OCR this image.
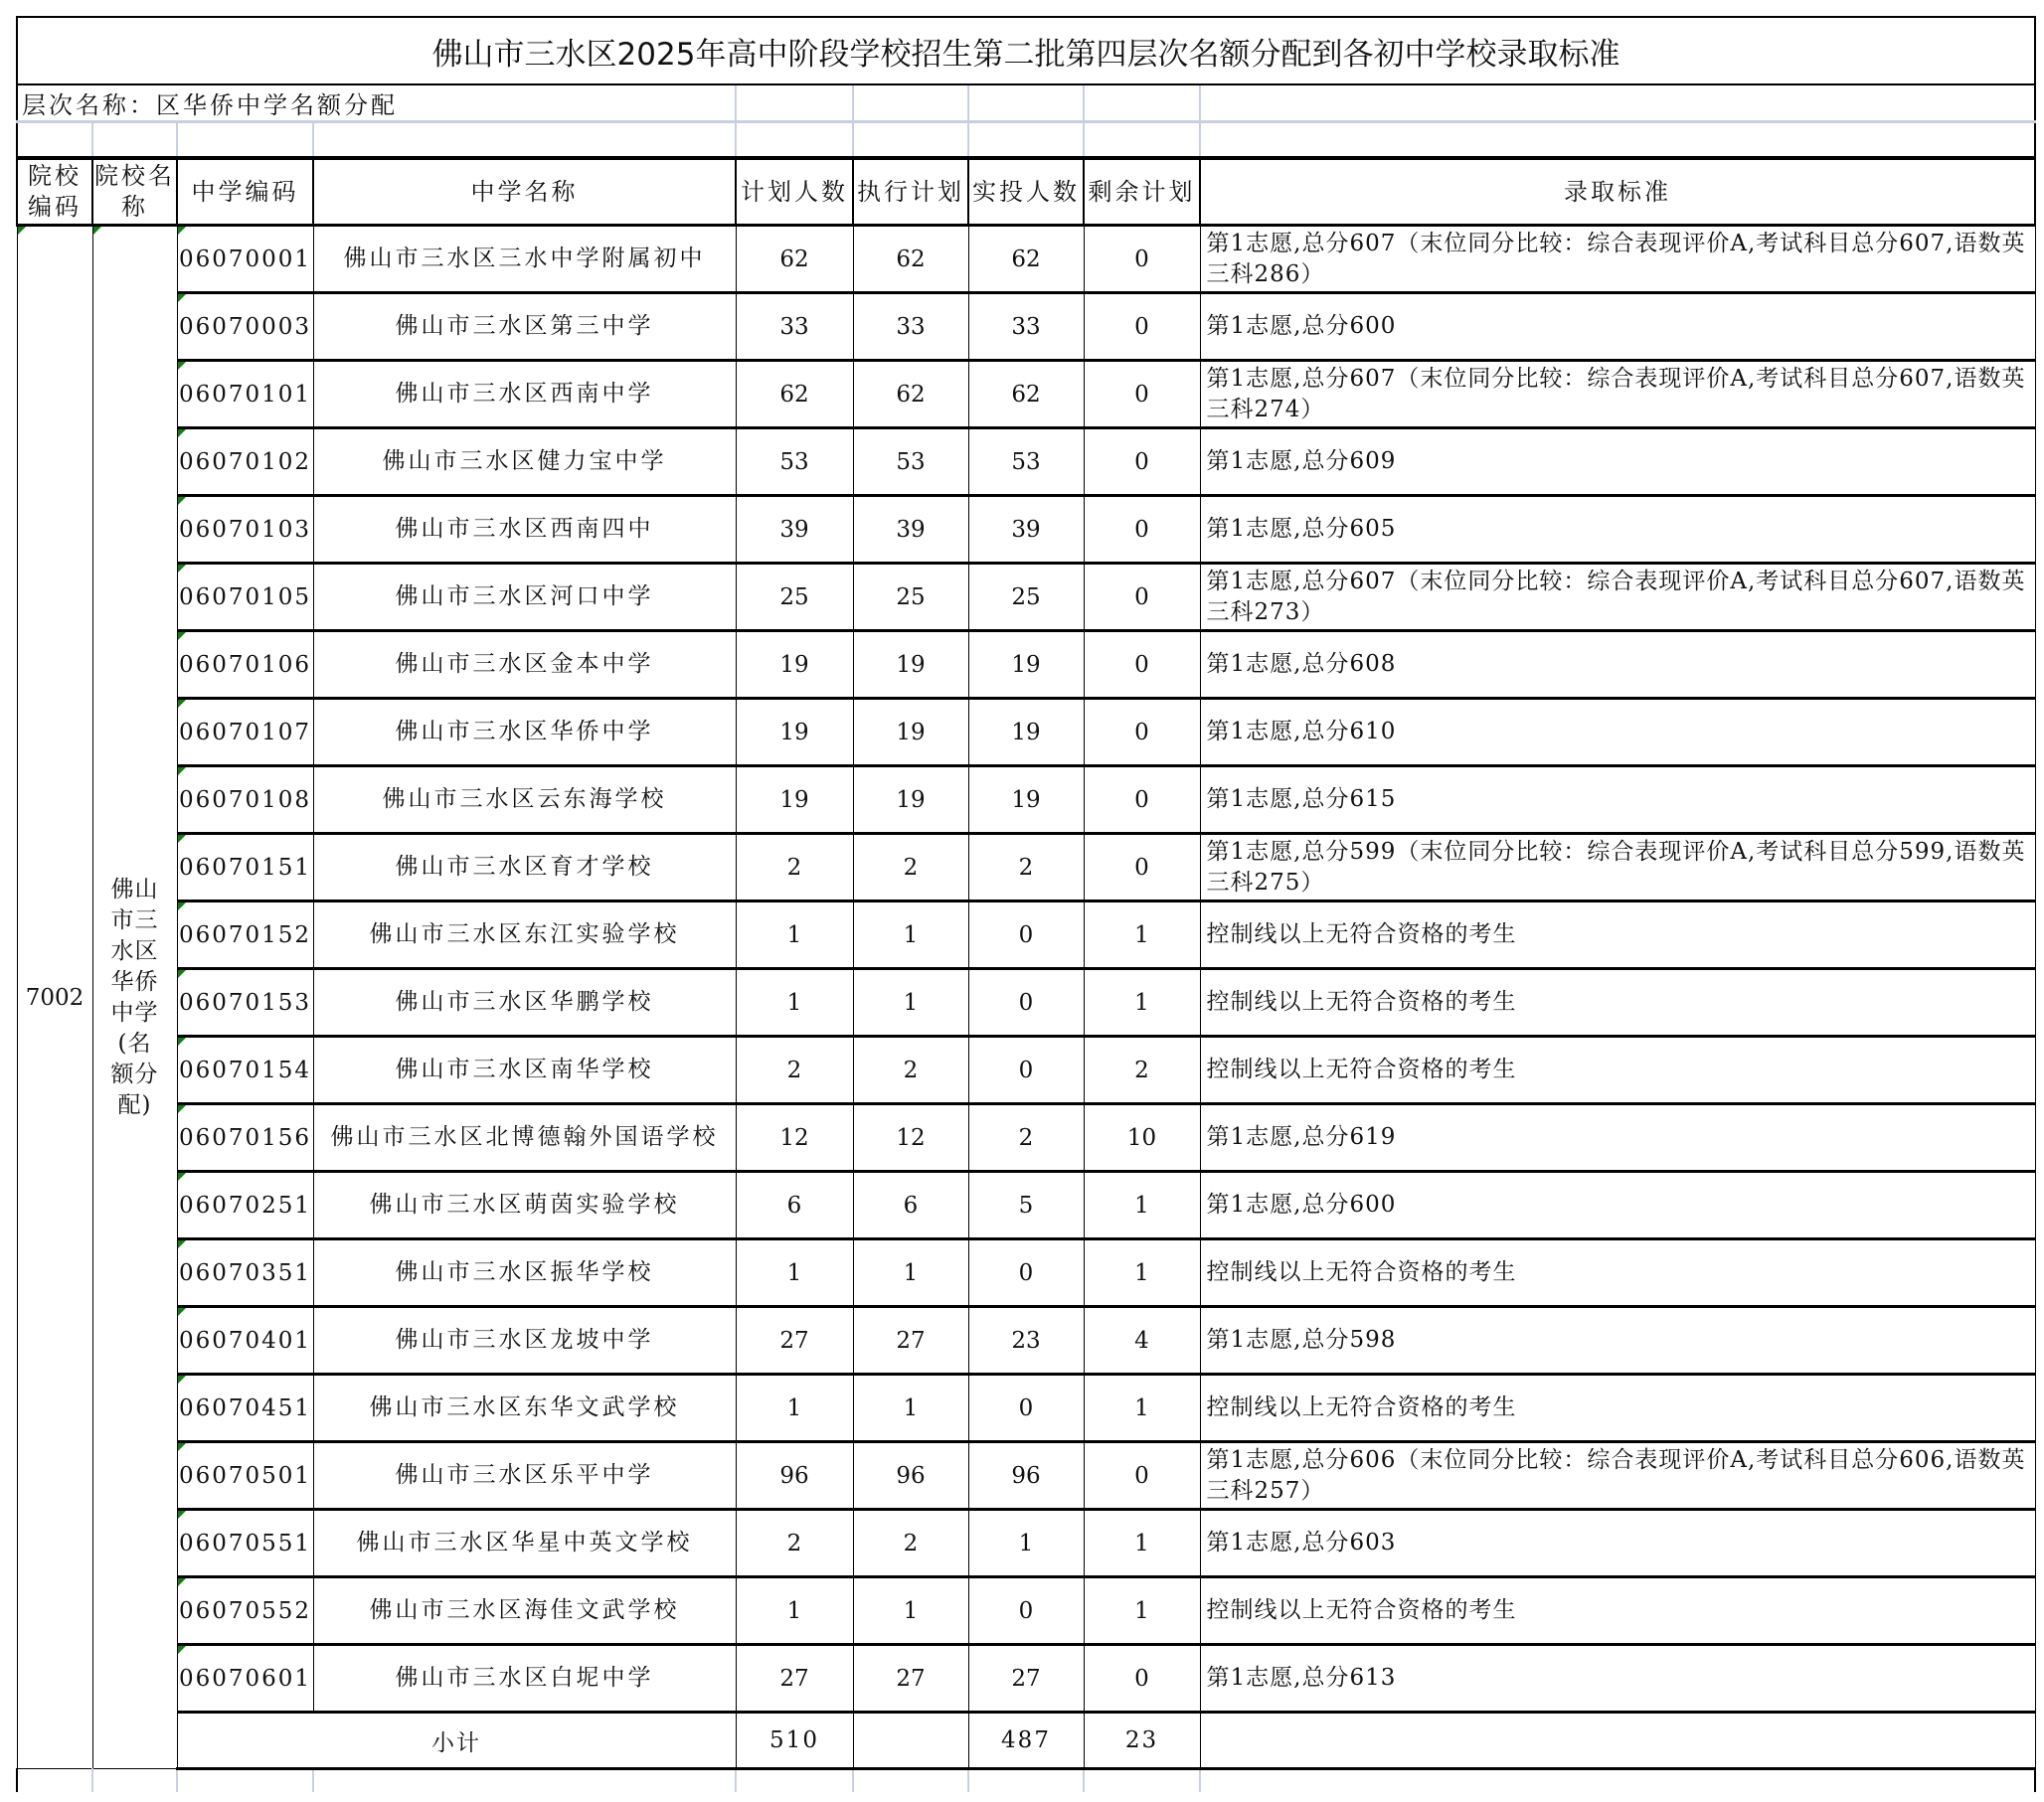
佛山市三水区2025年高中阶段学校招生第二批第四层次名额分配到各初中学校录取标准								
层次名称：区华侨中学名额分配								

院校编码	院校名称	中学编码	中学名称	计划人数	执行计划	实投人数	剩余计划	录取标准

7002	佛山市三水区华侨中学(名额分配)	06070001	佛山市三水区三水中学附属初中	62	62	62	0	第1志愿,总分607（末位同分比较：综合表现评价A,考试科目总分607,语数英三科286）

06070003	佛山市三水区第三中学	33	33	33	0	第1志愿,总分600

06070101	佛山市三水区西南中学	62	62	62	0	第1志愿,总分607（末位同分比较：综合表现评价A,考试科目总分607,语数英三科274）

06070102	佛山市三水区健力宝中学	53	53	53	0	第1志愿,总分609

06070103	佛山市三水区西南四中	39	39	39	0	第1志愿,总分605

06070105	佛山市三水区河口中学	25	25	25	0	第1志愿,总分607（末位同分比较：综合表现评价A,考试科目总分607,语数英三科273）

06070106	佛山市三水区金本中学	19	19	19	0	第1志愿,总分608

06070107	佛山市三水区华侨中学	19	19	19	0	第1志愿,总分610

06070108	佛山市三水区云东海学校	19	19	19	0	第1志愿,总分615

06070151	佛山市三水区育才学校	2	2	2	0	第1志愿,总分599（末位同分比较：综合表现评价A,考试科目总分599,语数英三科275）

06070152	佛山市三水区东江实验学校	1	1	0	1	控制线以上无符合资格的考生

06070153	佛山市三水区华鹏学校	1	1	0	1	控制线以上无符合资格的考生

06070154	佛山市三水区南华学校	2	2	0	2	控制线以上无符合资格的考生

06070156	佛山市三水区北博德翰外国语学校	12	12	2	10	第1志愿,总分619

06070251	佛山市三水区萌茵实验学校	6	6	5	1	第1志愿,总分600

06070351	佛山市三水区振华学校	1	1	0	1	控制线以上无符合资格的考生

06070401	佛山市三水区龙坡中学	27	27	23	4	第1志愿,总分598

06070451	佛山市三水区东华文武学校	1	1	0	1	控制线以上无符合资格的考生

06070501	佛山市三水区乐平中学	96	96	96	0	第1志愿,总分606（末位同分比较：综合表现评价A,考试科目总分606,语数英三科257）

06070551	佛山市三水区华星中英文学校	2	2	1	1	第1志愿,总分603

06070552	佛山市三水区海佳文武学校	1	1	0	1	控制线以上无符合资格的考生

06070601	佛山市三水区白坭中学	27	27	27	0	第1志愿,总分613
		小计		510		487	23	
